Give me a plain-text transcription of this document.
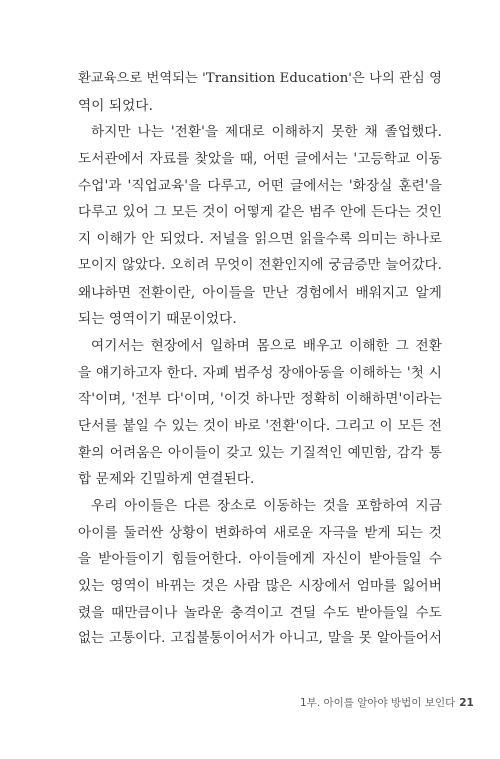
환교육으로 번역되는 'Transition Education'은 나의 관심 영
역이 되었다.
하지만 나는 '전환'을 제대로 이해하지 못한 채 졸업했다.
도서관에서 자료를 찾았을 때, 어떤 글에서는 '고등학교 이동
수업'과 '직업교육'을 다루고, 어떤 글에서는 '화장실 훈련'을
다루고 있어 그 모든 것이 어떻게 같은 범주 안에 든다는 것인
지 이해가 안 되었다. 저널을 읽으면 읽을수록 의미는 하나로
모이지 않았다. 오히려 무엇이 전환인지에 궁금증만 늘어갔다.
왜냐하면 전환이란, 아이들을 만난 경험에서 배워지고 알게
되는 영역이기 때문이었다.
여기서는 현장에서 일하며 몸으로 배우고 이해한 그 전환
을 얘기하고자 한다. 자폐 범주성 장애아동을 이해하는 '첫 시
작'이며, '전부 다'이며, '이것 하나만 정확히 이해하면'이라는
단서를 붙일 수 있는 것이 바로 '전환'이다. 그리고 이 모든 전
환의 어려움은 아이들이 갖고 있는 기질적인 예민함, 감각 통
합 문제와 긴밀하게 연결된다.
우리 아이들은 다른 장소로 이동하는 것을 포함하여 지금
아이를 둘러싼 상황이 변화하여 새로운 자극을 받게 되는 것
을 받아들이기 힘들어한다. 아이들에게 자신이 받아들일 수
있는 영역이 바뀌는 것은 사람 많은 시장에서 엄마를 잃어버
렸을 때만큼이나 놀라운 충격이고 견딜 수도 받아들일 수도
없는 고통이다. 고집불통이어서가 아니고, 말을 못 알아들어서
1부. 아이를 알아야 방법이 보인다 21
